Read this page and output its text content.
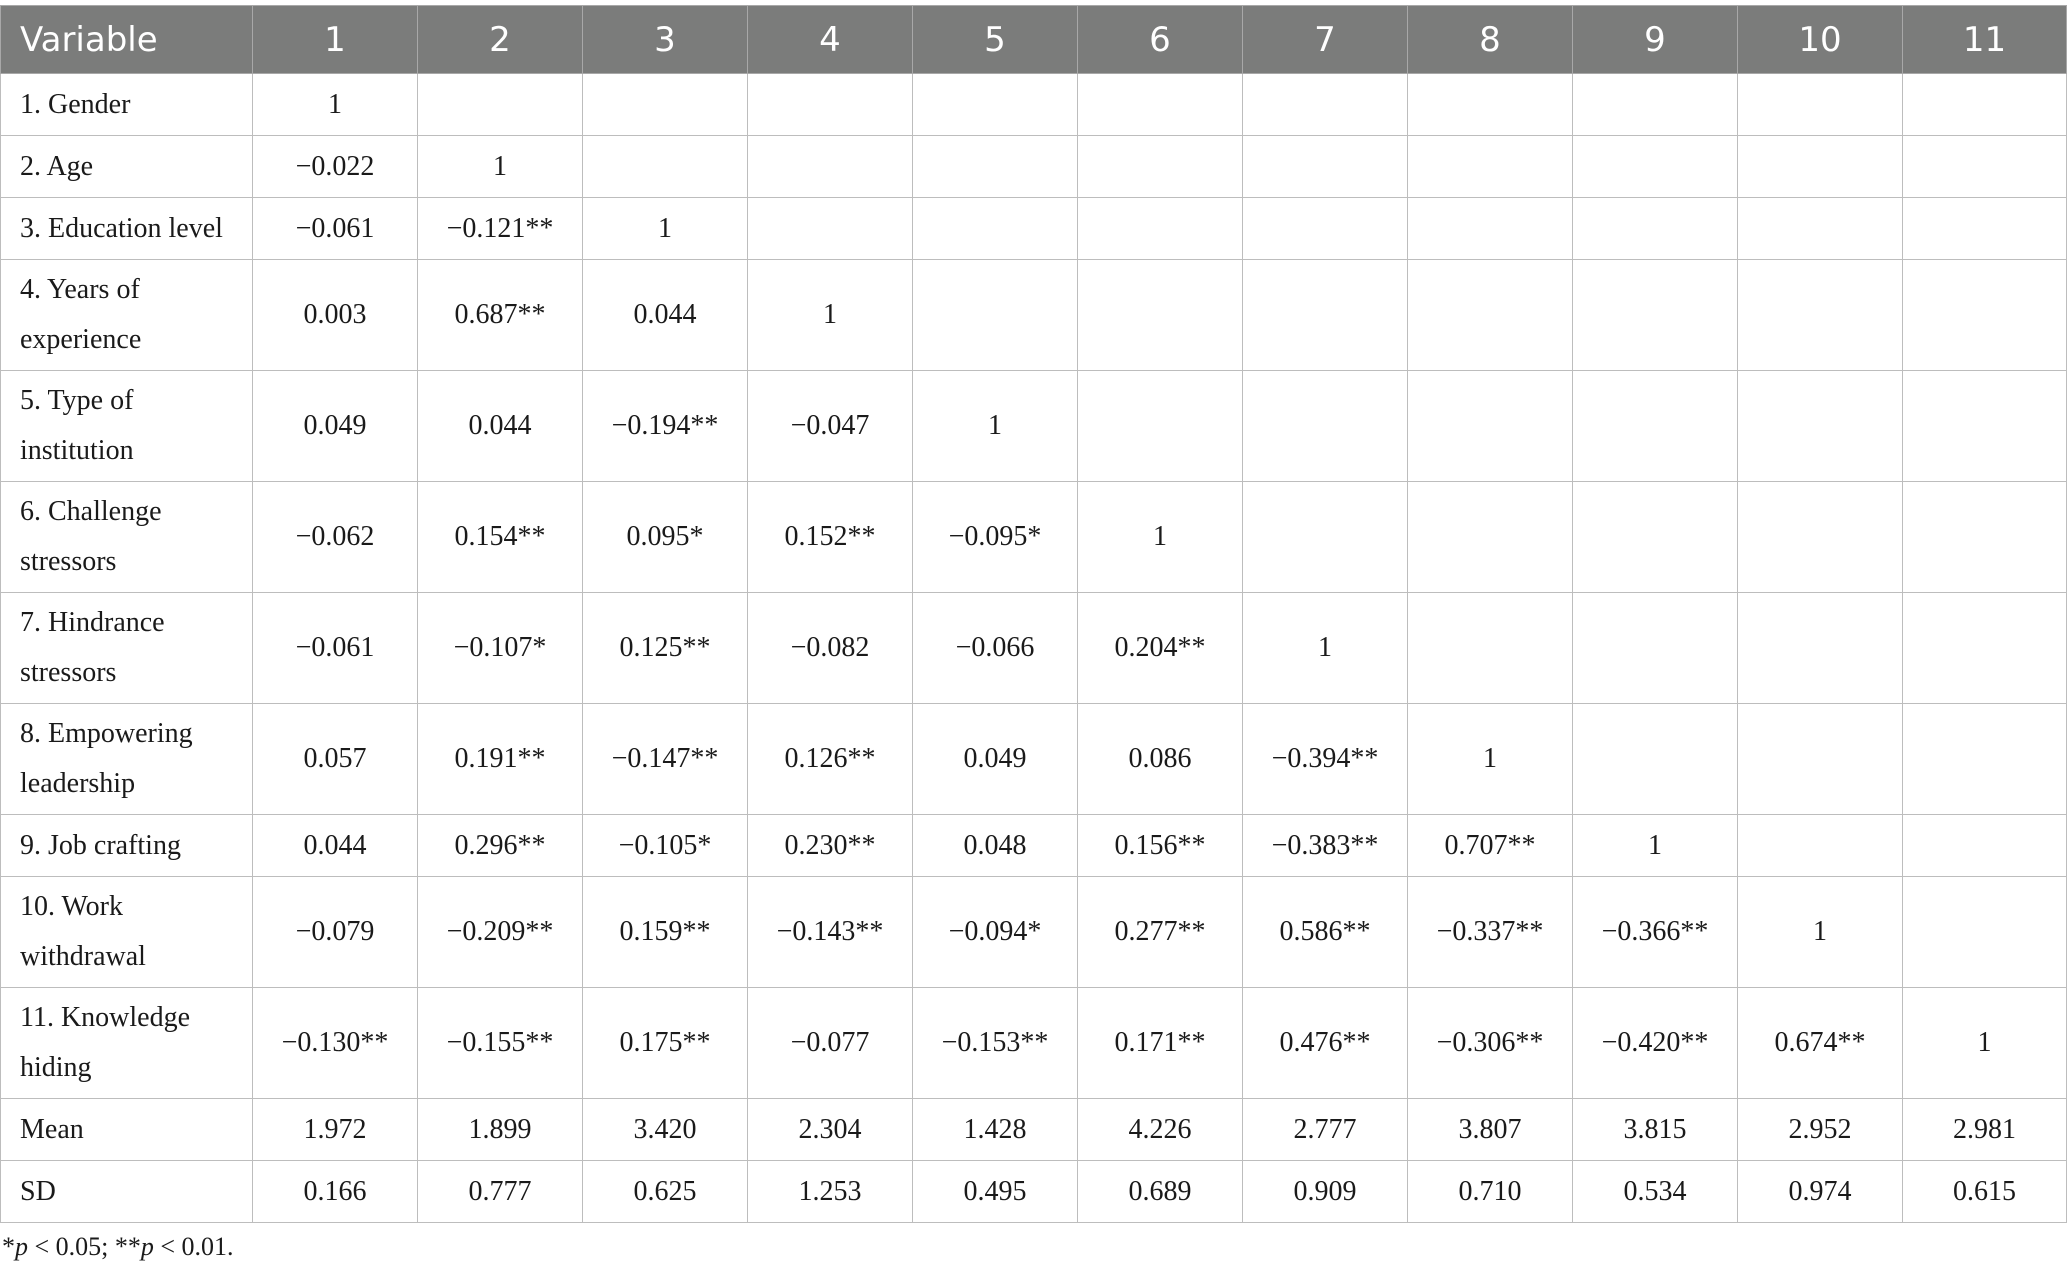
Variable	1	2	3	4	5	6	7	8	9	10	11

1. Gender	1										

2. Age	−0.022	1									

3. Education level	−0.061	−0.121**	1								

4. Years of
experience	0.003	0.687**	0.044	1							

5. Type of
institution	0.049	0.044	−0.194**	−0.047	1						

6. Challenge
stressors	−0.062	0.154**	0.095*	0.152**	−0.095*	1					

7. Hindrance
stressors	−0.061	−0.107*	0.125**	−0.082	−0.066	0.204**	1				

8. Empowering
leadership	0.057	0.191**	−0.147**	0.126**	0.049	0.086	−0.394**	1			

9. Job crafting	0.044	0.296**	−0.105*	0.230**	0.048	0.156**	−0.383**	0.707**	1		

10. Work
withdrawal	−0.079	−0.209**	0.159**	−0.143**	−0.094*	0.277**	0.586**	−0.337**	−0.366**	1	

11. Knowledge
hiding	−0.130**	−0.155**	0.175**	−0.077	−0.153**	0.171**	0.476**	−0.306**	−0.420**	0.674**	1

Mean	1.972	1.899	3.420	2.304	1.428	4.226	2.777	3.807	3.815	2.952	2.981

SD	0.166	0.777	0.625	1.253	0.495	0.689	0.909	0.710	0.534	0.974	0.615
*p < 0.05; **p < 0.01.
